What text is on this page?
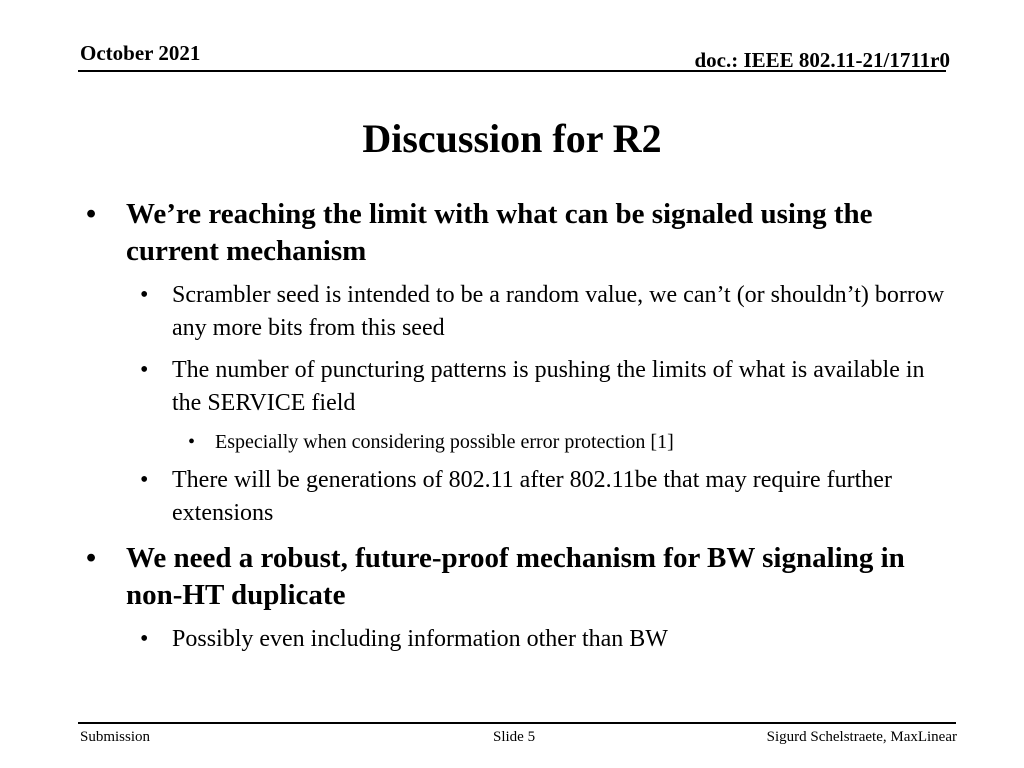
October 2021	doc.: IEEE 802.11-21/1711r0
Discussion for R2
• We’re reaching the limit with what can be signaled using the current mechanism
• Scrambler seed is intended to be a random value, we can’t (or shouldn’t) borrow any more bits from this seed
• The number of puncturing patterns is pushing the limits of what is available in the SERVICE field
• Especially when considering possible error protection [1]
• There will be generations of 802.11 after 802.11be that may require further extensions
• We need a robust, future-proof mechanism for BW signaling in non-HT duplicate
• Possibly even including information other than BW
Submission	Slide 5	Sigurd Schelstraete, MaxLinear
